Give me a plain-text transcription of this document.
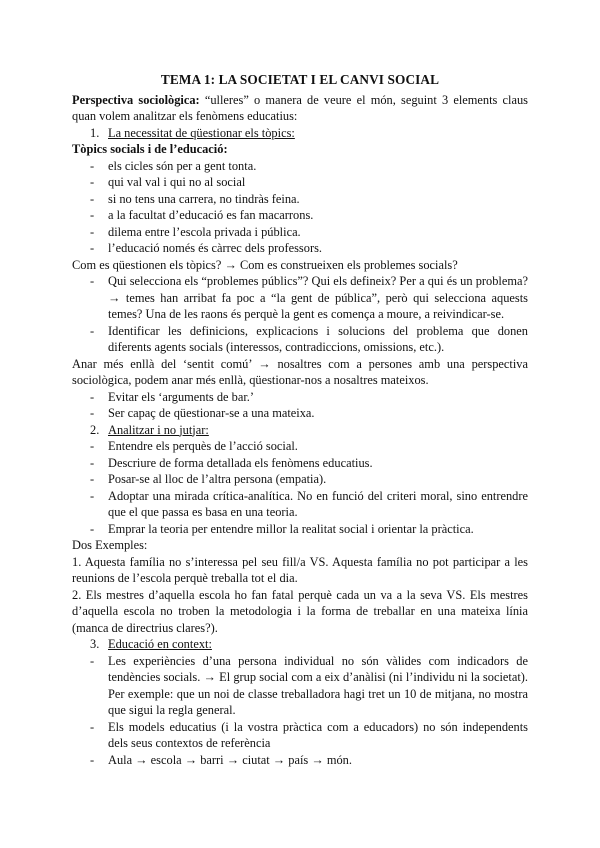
TEMA 1: LA SOCIETAT I EL CANVI SOCIAL

Perspectiva sociològica: “ulleres” o manera de veure el món, seguint 3 elements claus quan volem analitzar els fenòmens educatius:

1. La necessitat de qüestionar els tòpics:

Tòpics socials i de l’educació:

-	els cicles són per a gent tonta.
-	qui val val i qui no al social
-	si no tens una carrera, no tindràs feina.
-	a la facultat d’educació es fan macarrons.
-	dilema entre l’escola privada i pública.
-	l’educació només és càrrec dels professors.

Com es qüestionen els tòpics? → Com es construeixen els problemes socials?

-	Qui selecciona els “problemes públics”? Qui els defineix? Per a qui és un problema? → temes han arribat fa poc a “la gent de pública”, però qui selecciona aquests temes? Una de les raons és perquè la gent es comença a moure, a reivindicar-se.
-	Identificar les definicions, explicacions i solucions del problema que donen diferents agents socials (interessos, contradiccions, omissions, etc.).

Anar més enllà del ‘sentit comú’ → nosaltres com a persones amb una perspectiva sociològica, podem anar més enllà, qüestionar-nos a nosaltres mateixos.

-	Evitar els ‘arguments de bar.’
-	Ser capaç de qüestionar-se a una mateixa.
2. Analitzar i no jutjar:
-	Entendre els perquès de l’acció social.
-	Descriure de forma detallada els fenòmens educatius.
-	Posar-se al lloc de l’altra persona (empatia).
-	Adoptar una mirada crítica-analítica. No en funció del criteri moral, sino entrendre que el que passa es basa en una teoria.
-	Emprar la teoria per entendre millor la realitat social i orientar la pràctica.

Dos Exemples:

1. Aquesta família no s’interessa pel seu fill/a VS. Aquesta família no pot participar a les reunions de l’escola perquè treballa tot el dia.

2. Els mestres d’aquella escola ho fan fatal perquè cada un va a la seva VS. Els mestres d’aquella escola no troben la metodologia i la forma de treballar en una mateixa línia (manca de directrius clares?).

3. Educació en context:
-	Les experiències d’una persona individual no són vàlides com indicadors de tendències socials. → El grup social com a eix d’anàlisi (ni l’individu ni la societat). Per exemple: que un noi de classe treballadora hagi tret un 10 de mitjana, no mostra que sigui la regla general.
-	Els models educatius (i la vostra pràctica com a educadors) no són independents dels seus contextos de referència
-	Aula → escola → barri → ciutat → país → món.
